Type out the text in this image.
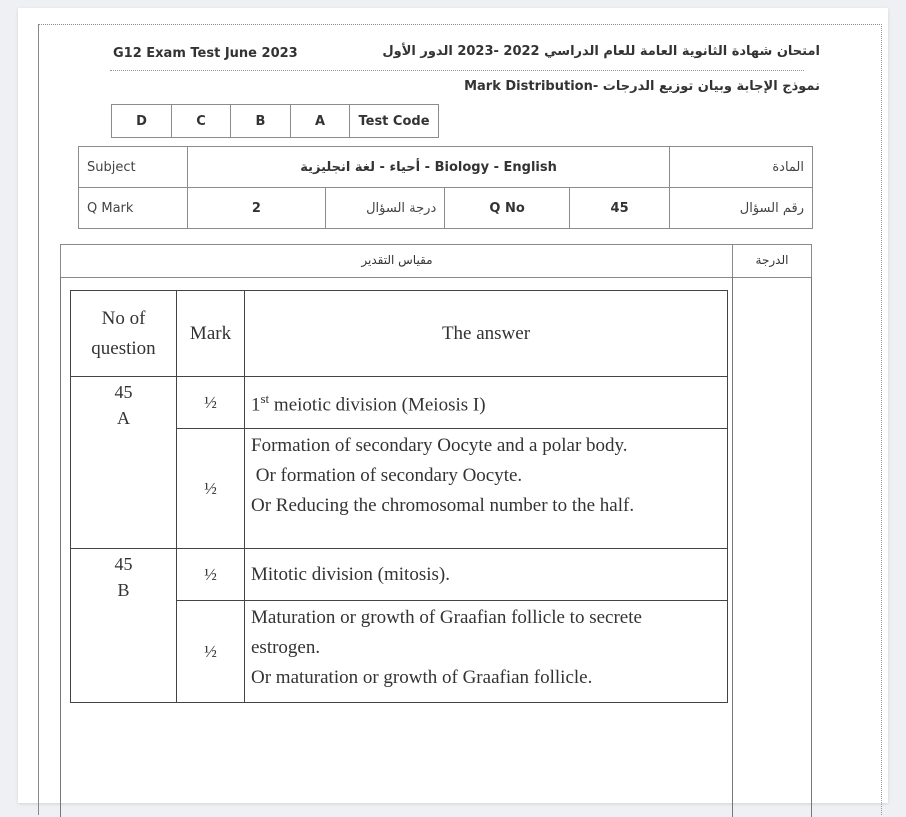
G12 Exam Test June 2023	امتحان شهادة الثانوية العامة للعام الدراسي 2022 -2023 الدور الأول
نموذج الإجابة وبيان توزيع الدرجات -Mark Distribution
D	C	B	A	Test Code
Subject	أحياء - لغة انجليزية - Biology - English				المادة
Q Mark	2	درجة السؤال	Q No	45	رقم السؤال
مقياس التقدير	الدرجة
No of
question	Mark	The answer
45
A	½	1st meiotic division (Meiosis I)
	½	Formation of secondary Oocyte and a polar body.
Or formation of secondary Oocyte.
Or Reducing the chromosomal number to the half.

45
B	½	Mitotic division (mitosis).
	½	Maturation or growth of Graafian follicle to secrete
estrogen.
Or maturation or growth of Graafian follicle.
